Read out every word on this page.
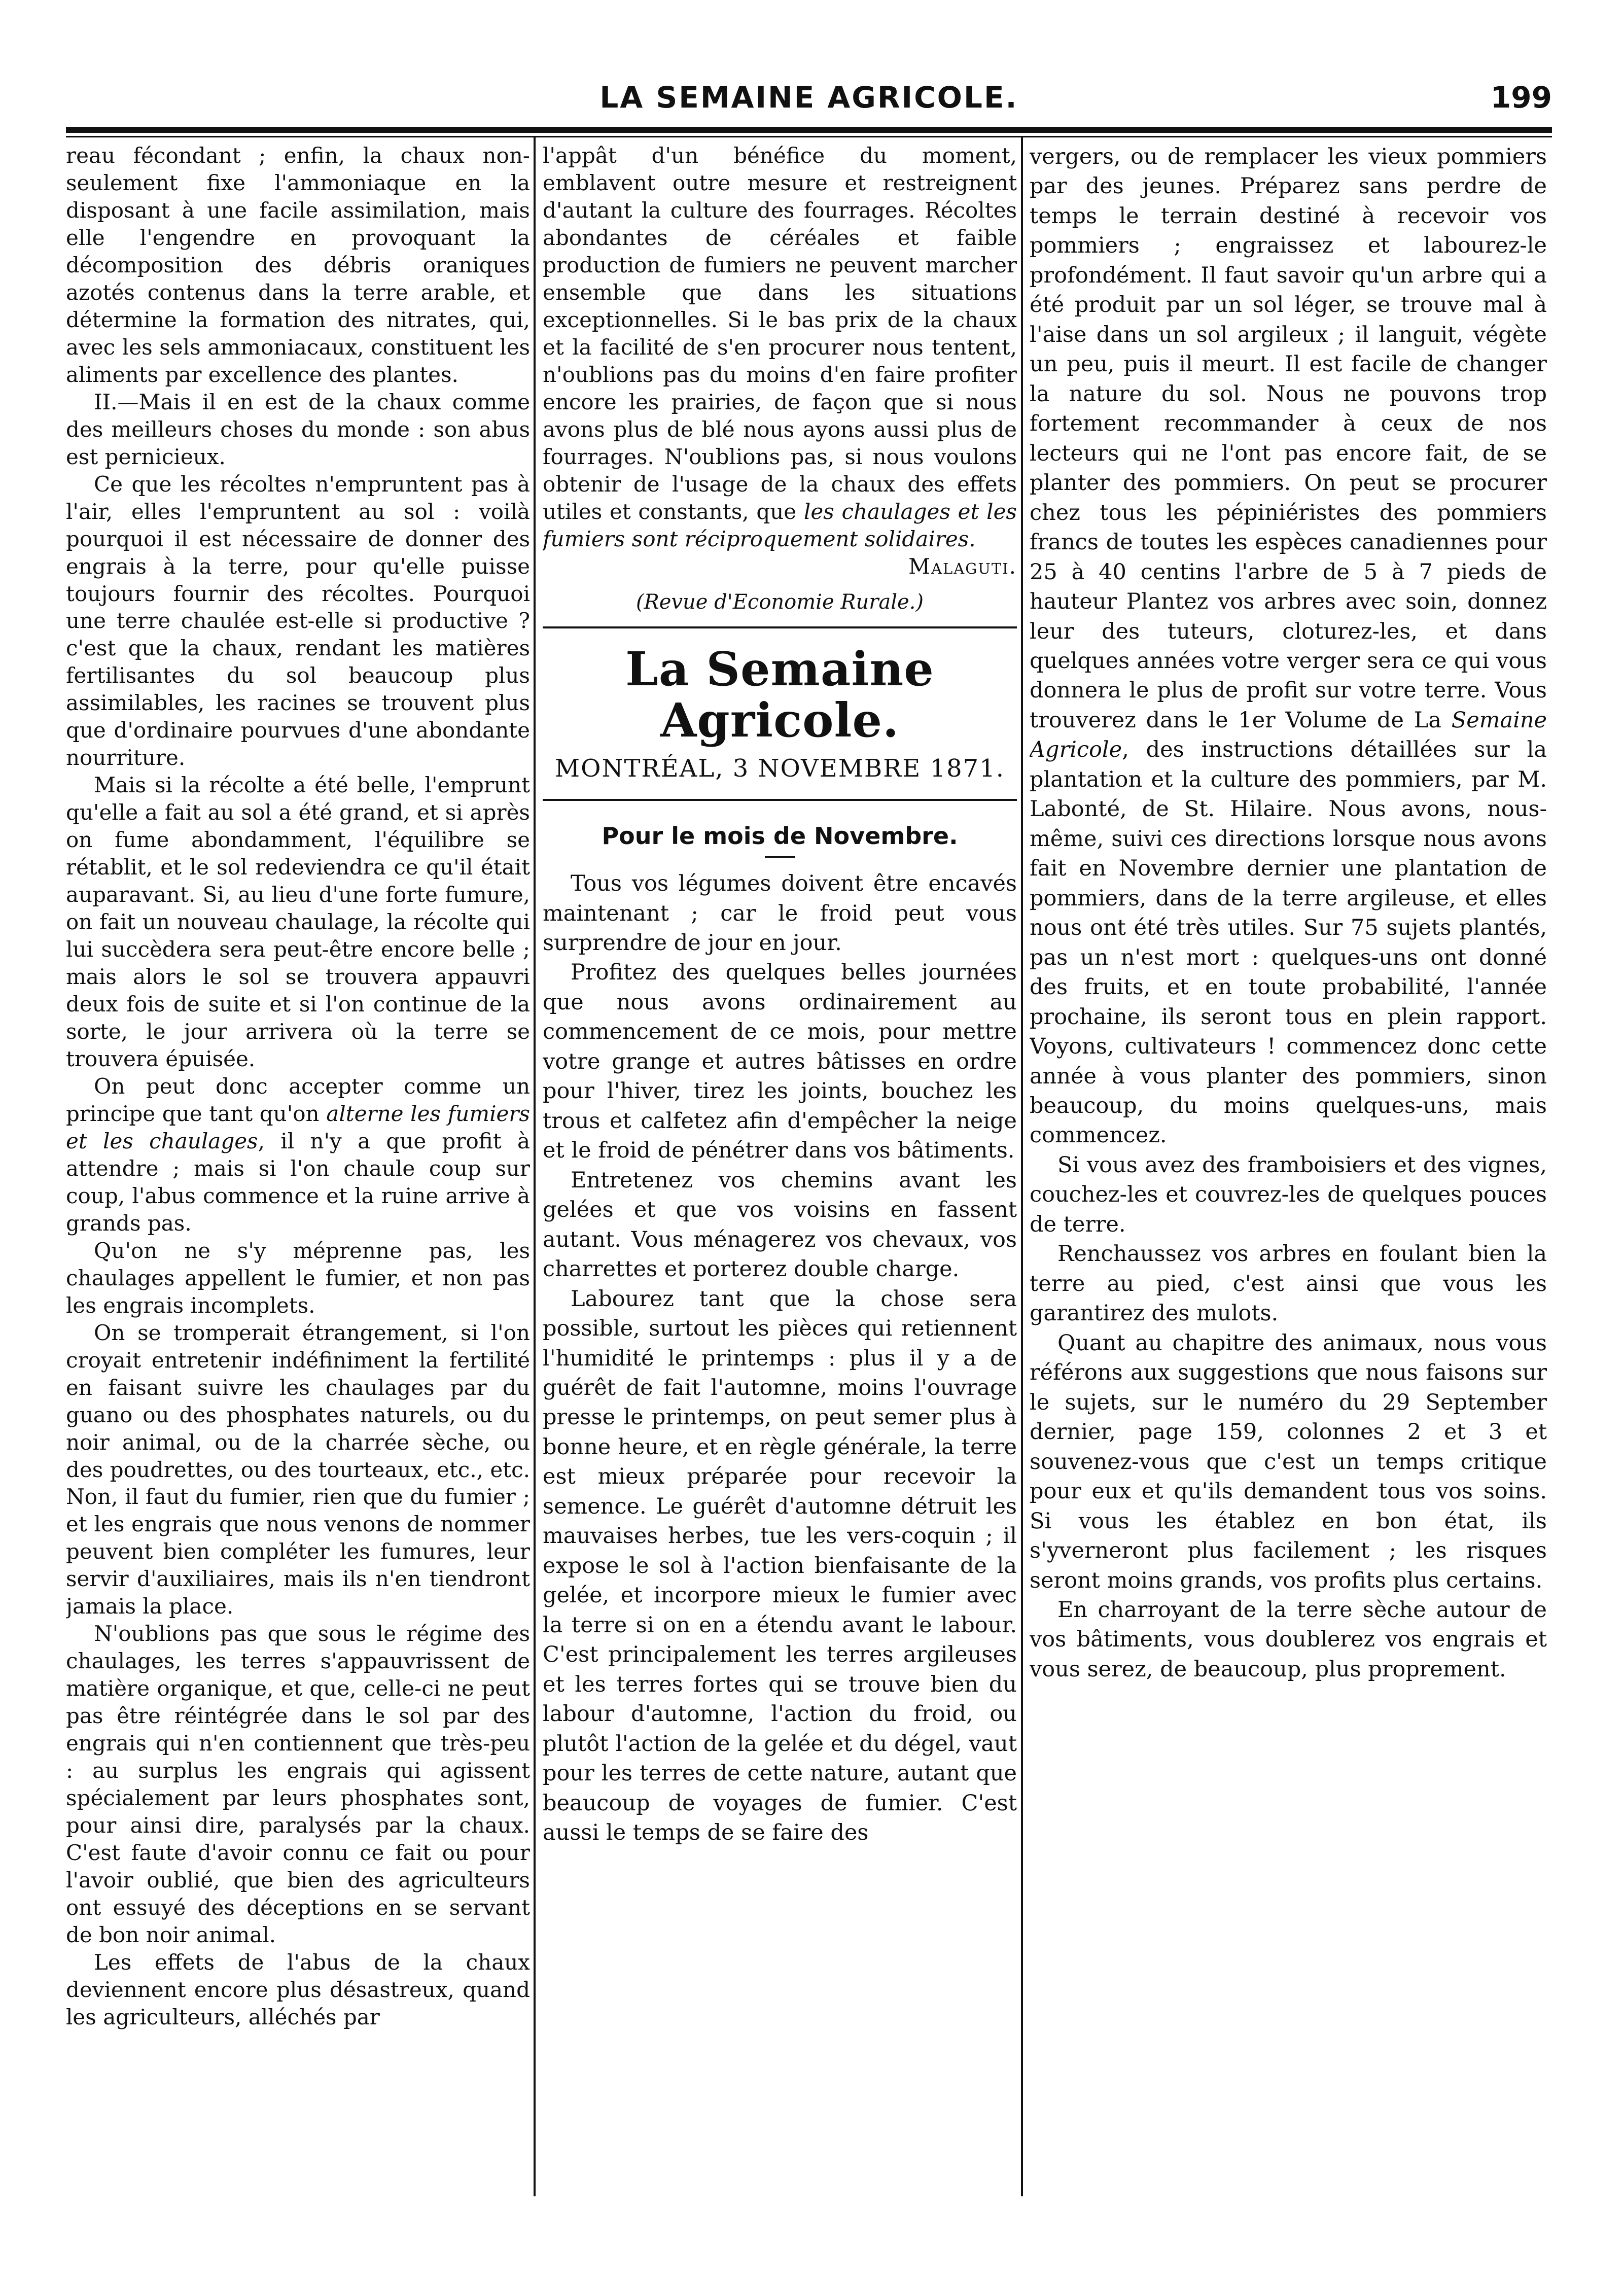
LA SEMAINE AGRICOLE.	199

reau fécondant ; enfin, la chaux non- seulement fixe l'ammoniaque en la disposant à une facile assimilation, mais elle l'engendre en provoquant la décomposition des débris oraniques azotés contenus dans la terre arable, et détermine la formation des nitrates, qui, avec les sels ammoniacaux, constituent les aliments par excellence des plantes.

II.—Mais il en est de la chaux comme des meilleurs choses du monde : son abus est pernicieux.

Ce que les récoltes n'empruntent pas à l'air, elles l'empruntent au sol : voilà pourquoi il est nécessaire de donner des engrais à la terre, pour qu'elle puisse toujours fournir des récoltes. Pourquoi une terre chaulée est-elle si productive ? c'est que la chaux, rendant les matières fertilisantes du sol beaucoup plus assimilables, les racines se trouvent plus que d'ordinaire pourvues d'une abondante nourriture.

Mais si la récolte a été belle, l'emprunt qu'elle a fait au sol a été grand, et si après on fume abondamment, l'équilibre se rétablit, et le sol redeviendra ce qu'il était auparavant. Si, au lieu d'une forte fumure, on fait un nouveau chaulage, la récolte qui lui succèdera sera peut-être encore belle ; mais alors le sol se trouvera appauvri deux fois de suite et si l'on continue de la sorte, le jour arrivera où la terre se trouvera épuisée.

On peut donc accepter comme un principe que tant qu'on alterne les fumiers et les chaulages, il n'y a que profit à attendre ; mais si l'on chaule coup sur coup, l'abus commence et la ruine arrive à grands pas.

Qu'on ne s'y méprenne pas, les chaulages appellent le fumier, et non pas les engrais incomplets.

On se tromperait étrangement, si l'on croyait entretenir indéfiniment la fertilité en faisant suivre les chaulages par du guano ou des phosphates naturels, ou du noir animal, ou de la charrée sèche, ou des poudrettes, ou des tourteaux, etc., etc. Non, il faut du fumier, rien que du fumier ; et les engrais que nous venons de nommer peuvent bien compléter les fumures, leur servir d'auxiliaires, mais ils n'en tiendront jamais la place.

N'oublions pas que sous le régime des chaulages, les terres s'appauvrissent de matière organique, et que, celle-ci ne peut pas être réintégrée dans le sol par des engrais qui n'en contiennent que très-peu : au surplus les engrais qui agissent spécialement par leurs phosphates sont, pour ainsi dire, paralysés par la chaux. C'est faute d'avoir connu ce fait ou pour l'avoir oublié, que bien des agriculteurs ont essuyé des déceptions en se servant de bon noir animal.

Les effets de l'abus de la chaux deviennent encore plus désastreux, quand les agriculteurs, alléchés par

l'appât d'un bénéfice du moment, emblavent outre mesure et restreignent d'autant la culture des fourrages. Récoltes abondantes de céréales et faible production de fumiers ne peuvent marcher ensemble que dans les situations exceptionnelles. Si le bas prix de la chaux et la facilité de s'en procurer nous tentent, n'oublions pas du moins d'en faire profiter encore les prairies, de façon que si nous avons plus de blé nous ayons aussi plus de fourrages. N'oublions pas, si nous voulons obtenir de l'usage de la chaux des effets utiles et constants, que les chaulages et les fumiers sont réciproquement solidaires.
Malaguti.

(Revue d'Economie Rurale.)
La Semaine Agricole.
MONTRÉAL, 3 NOVEMBRE 1871.
Pour le mois de Novembre.

Tous vos légumes doivent être encavés maintenant ; car le froid peut vous surprendre de jour en jour.

Profitez des quelques belles journées que nous avons ordinairement au commencement de ce mois, pour mettre votre grange et autres bâtisses en ordre pour l'hiver, tirez les joints, bouchez les trous et calfetez afin d'empêcher la neige et le froid de pénétrer dans vos bâtiments.

Entretenez vos chemins avant les gelées et que vos voisins en fassent autant. Vous ménagerez vos chevaux, vos charrettes et porterez double charge.

Labourez tant que la chose sera possible, surtout les pièces qui retiennent l'humidité le printemps : plus il y a de guérêt de fait l'automne, moins l'ouvrage presse le printemps, on peut semer plus à bonne heure, et en règle générale, la terre est mieux préparée pour recevoir la semence. Le guérêt d'automne détruit les mauvaises herbes, tue les vers-coquin ; il expose le sol à l'action bienfaisante de la gelée, et incorpore mieux le fumier avec la terre si on en a étendu avant le labour. C'est principalement les terres argileuses et les terres fortes qui se trouve bien du labour d'automne, l'action du froid, ou plutôt l'action de la gelée et du dégel, vaut pour les terres de cette nature, autant que beaucoup de voyages de fumier. C'est aussi le temps de se faire des

vergers, ou de remplacer les vieux pommiers par des jeunes. Préparez sans perdre de temps le terrain destiné à recevoir vos pommiers ; engraissez et labourez-le profondément. Il faut savoir qu'un arbre qui a été produit par un sol léger, se trouve mal à l'aise dans un sol argileux ; il languit, végète un peu, puis il meurt. Il est facile de changer la nature du sol. Nous ne pouvons trop fortement recommander à ceux de nos lecteurs qui ne l'ont pas encore fait, de se planter des pommiers. On peut se procurer chez tous les pépiniéristes des pommiers francs de toutes les espèces canadiennes pour 25 à 40 centins l'arbre de 5 à 7 pieds de hauteur Plantez vos arbres avec soin, donnez leur des tuteurs, cloturez-les, et dans quelques années votre verger sera ce qui vous donnera le plus de profit sur votre terre. Vous trouverez dans le 1er Volume de La Semaine Agricole, des instructions détaillées sur la plantation et la culture des pommiers, par M. Labonté, de St. Hilaire. Nous avons, nous-même, suivi ces directions lorsque nous avons fait en Novembre dernier une plantation de pommiers, dans de la terre argileuse, et elles nous ont été très utiles. Sur 75 sujets plantés, pas un n'est mort : quelques-uns ont donné des fruits, et en toute probabilité, l'année prochaine, ils seront tous en plein rapport. Voyons, cultivateurs ! commencez donc cette année à vous planter des pommiers, sinon beaucoup, du moins quelques-uns, mais commencez.

Si vous avez des framboisiers et des vignes, couchez-les et couvrez-les de quelques pouces de terre.

Renchaussez vos arbres en foulant bien la terre au pied, c'est ainsi que vous les garantirez des mulots.

Quant au chapitre des animaux, nous vous référons aux suggestions que nous faisons sur le sujets, sur le numéro du 29 September dernier, page 159, colonnes 2 et 3 et souvenez-vous que c'est un temps critique pour eux et qu'ils demandent tous vos soins. Si vous les établez en bon état, ils s'yverneront plus facilement ; les risques seront moins grands, vos profits plus certains.

En charroyant de la terre sèche autour de vos bâtiments, vous doublerez vos engrais et vous serez, de beaucoup, plus proprement.
